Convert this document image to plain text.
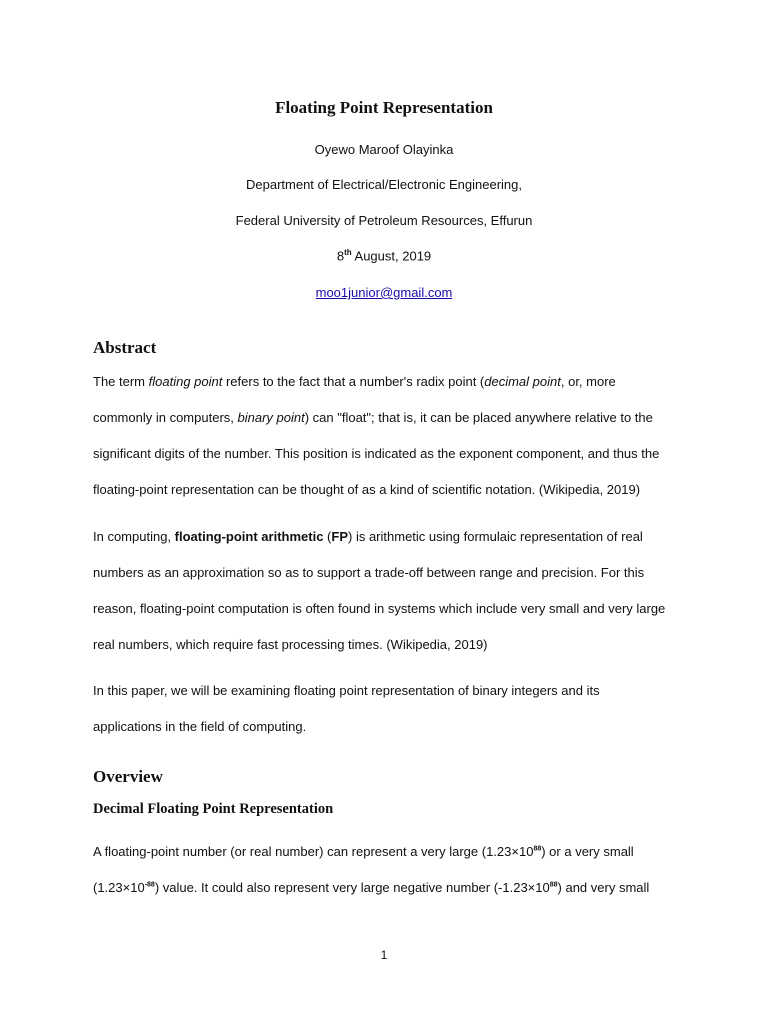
Floating Point Representation
Oyewo Maroof Olayinka
Department of Electrical/Electronic Engineering,
Federal University of Petroleum Resources, Effurun
8th August, 2019
moo1junior@gmail.com
Abstract
The term floating point refers to the fact that a number's radix point (decimal point, or, more
commonly in computers, binary point) can "float"; that is, it can be placed anywhere relative to the
significant digits of the number. This position is indicated as the exponent component, and thus the
floating-point representation can be thought of as a kind of scientific notation. (Wikipedia, 2019)
In computing, floating-point arithmetic (FP) is arithmetic using formulaic representation of real
numbers as an approximation so as to support a trade-off between range and precision. For this
reason, floating-point computation is often found in systems which include very small and very large
real numbers, which require fast processing times. (Wikipedia, 2019)
In this paper, we will be examining floating point representation of binary integers and its
applications in the field of computing.
Overview
Decimal Floating Point Representation
A floating-point number (or real number) can represent a very large $(1.23\times 10^{88})$ or a very small
$(1.23\times 10^{-88})$ value. It could also represent very large negative number $(-1.23\times 10^{88})$ and very small
1
